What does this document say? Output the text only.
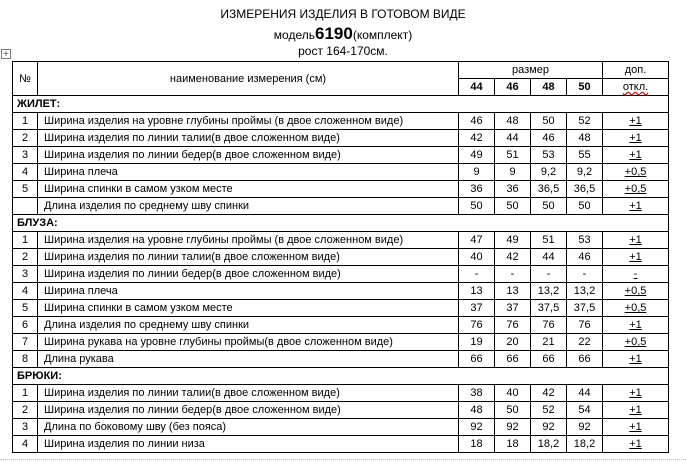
ИЗМЕРЕНИЯ ИЗДЕЛИЯ В ГОТОВОМ ВИДЕ
модель6190(комплект)
рост 164-170см.
+
№	наименование измерения (см)	размер				доп.
		44	46	48	50	откл.
ЖИЛЕТ:						
1	Ширина изделия на уровне глубины проймы (в двое сложенном виде)	46	48	50	52	+1
2	Ширина изделия по линии талии(в двое сложенном виде)	42	44	46	48	+1
3	Ширина изделия по линии бедер(в двое сложенном виде)	49	51	53	55	+1
4	Ширина плеча	9	9	9,2	9,2	+0,5
5	Ширина спинки в самом узком месте	36	36	36,5	36,5	+0,5
	Длина изделия по среднему шву спинки	50	50	50	50	+1
БЛУЗА:						
1	Ширина изделия на уровне глубины проймы (в двое сложенном виде)	47	49	51	53	+1
2	Ширина изделия по линии талии(в двое сложенном виде)	40	42	44	46	+1
3	Ширина изделия по линии бедер(в двое сложенном виде)	-	-	-	-	-
4	Ширина плеча	13	13	13,2	13,2	+0,5
5	Ширина спинки в самом узком месте	37	37	37,5	37,5	+0,5
6	Длина изделия по среднему шву спинки	76	76	76	76	+1
7	Ширина рукава на уровне глубины проймы(в двое сложенном виде)	19	20	21	22	+0,5
8	Длина рукава	66	66	66	66	+1
БРЮКИ:						
1	Ширина изделия по линии талии(в двое сложенном виде)	38	40	42	44	+1
2	Ширина изделия по линии бедер(в двое сложенном виде)	48	50	52	54	+1
3	Длина по боковому шву (без пояса)	92	92	92	92	+1
4	Ширина изделия по линии низа	18	18	18,2	18,2	+1
